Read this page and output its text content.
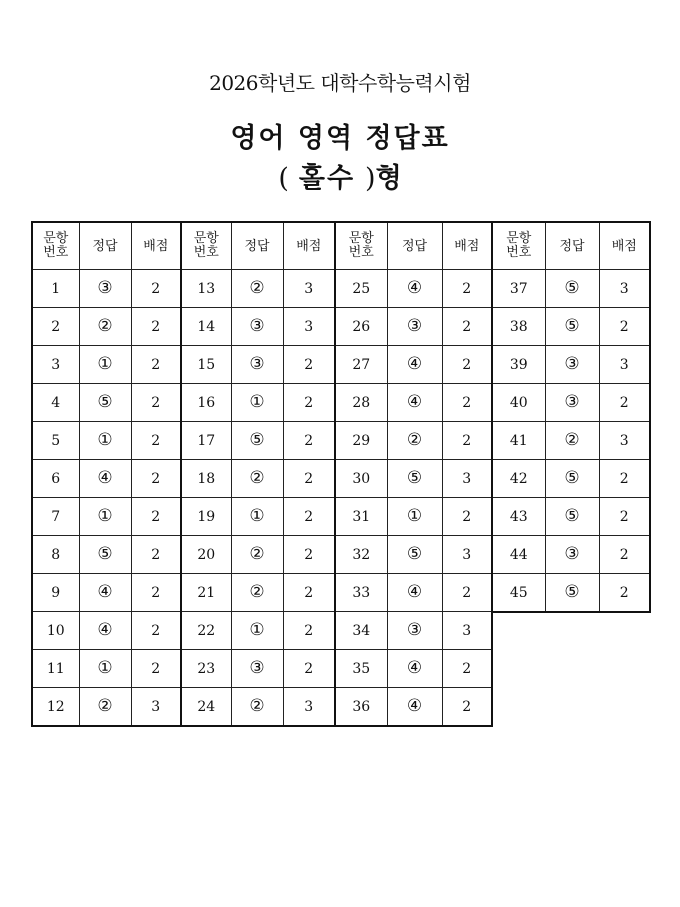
2026학년도 대학수학능력시험
영어 영역 정답표
( 홀수 )형
문항
번호	정답	배점
1	③	2
2	②	2
3	①	2
4	⑤	2
5	①	2
6	④	2
7	①	2
8	⑤	2
9	④	2
10	④	2
11	①	2
12	②	3
문항
번호	정답	배점
13	②	3
14	③	3
15	③	2
16	①	2
17	⑤	2
18	②	2
19	①	2
20	②	2
21	②	2
22	①	2
23	③	2
24	②	3
문항
번호	정답	배점
25	④	2
26	③	2
27	④	2
28	④	2
29	②	2
30	⑤	3
31	①	2
32	⑤	3
33	④	2
34	③	3
35	④	2
36	④	2
문항
번호	정답	배점
37	⑤	3
38	⑤	2
39	③	3
40	③	2
41	②	3
42	⑤	2
43	⑤	2
44	③	2
45	⑤	2
